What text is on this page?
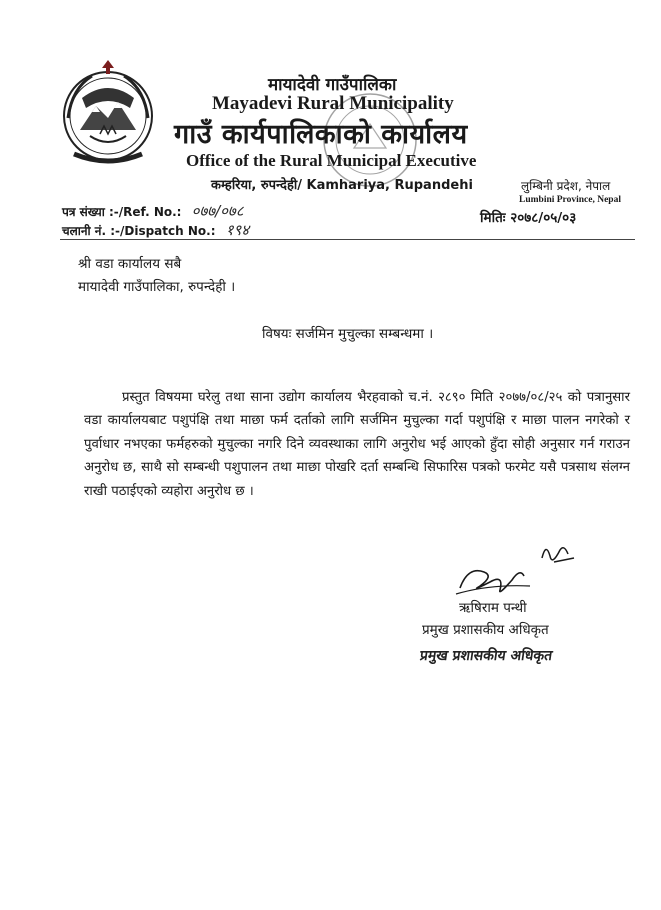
मायादेवी गाउँपालिका
Mayadevi Rural Municipality
गाउँ कार्यपालिकाको कार्यालय
Office of the Rural Municipal Executive
कम्हरिया, रुपन्देही/ Kamhariya, Rupandehi	लुम्बिनी प्रदेश, नेपाल
Lumbini Province, Nepal
मितिः २०७८/०५/०३
पत्र संख्या :-/Ref. No.: ०७७/०७८
चलानी नं. :-/Dispatch No.: १९४
श्री वडा कार्यालय सबै
मायादेवी गाउँपालिका, रुपन्देही ।
विषयः सर्जमिन मुचुल्का सम्बन्धमा ।

प्रस्तुत विषयमा घरेलु तथा साना उद्योग कार्यालय भैरहवाको च.नं. २८९० मिति २०७७/०८/२५ को पत्रानुसार वडा कार्यालयबाट पशुपंक्षि तथा माछा फर्म दर्ताको लागि सर्जमिन मुचुल्का गर्दा पशुपंक्षि र माछा पालन नगरेको र पुर्वाधार नभएका फर्महरुको मुचुल्का नगरि दिने व्यवस्थाका लागि अनुरोध भई आएको हुँदा सोही अनुसार गर्न गराउन अनुरोध छ, साथै सो सम्बन्धी पशुपालन तथा माछा पोखरि दर्ता सम्बन्धि सिफारिस पत्रको फरमेट यसै पत्रसाथ संलग्न राखी पठाईएको व्यहोरा अनुरोध छ ।

ऋषिराम पन्थी
प्रमुख प्रशासकीय अधिकृत
प्रमुख प्रशासकीय अधिकृत
